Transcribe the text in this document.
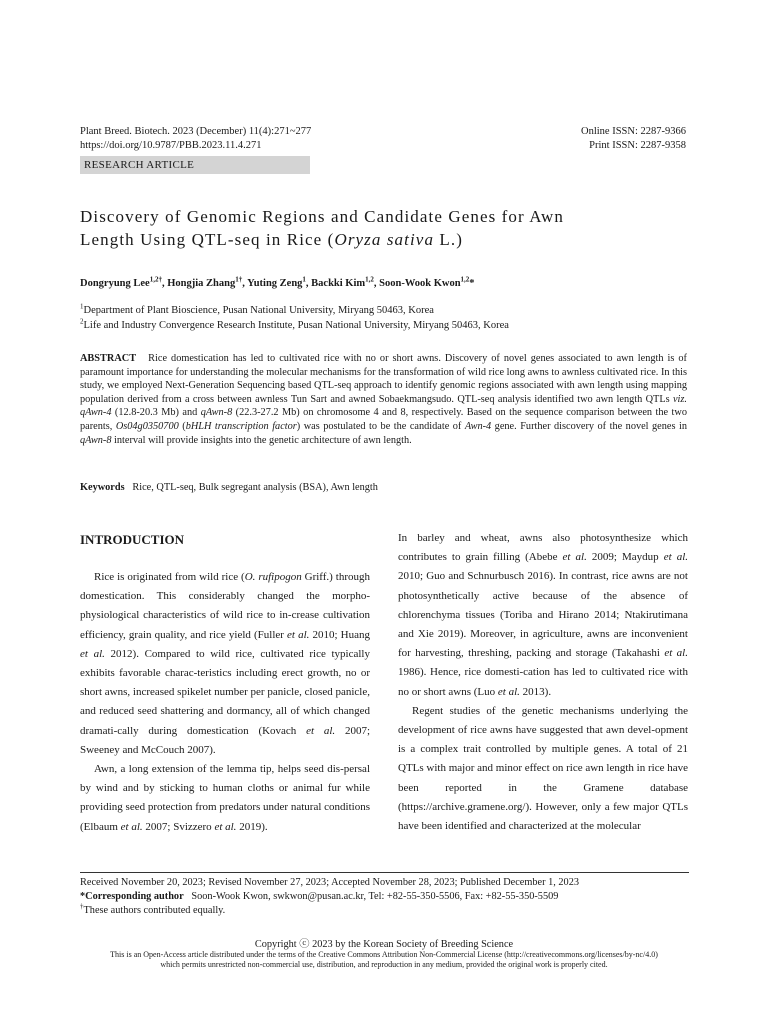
Plant Breed. Biotech. 2023 (December) 11(4):271~277
https://doi.org/10.9787/PBB.2023.11.4.271
Online ISSN: 2287-9366
Print ISSN: 2287-9358
RESEARCH ARTICLE
Discovery of Genomic Regions and Candidate Genes for Awn
Length Using QTL-seq in Rice (Oryza sativa L.)
Dongryung Lee$^{1,2\dagger}$, Hongjia Zhang$^{1\dagger}$, Yuting Zeng$^1$, Backki Kim$^{1,2}$, Soon-Wook Kwon$^{1,2}$*
$^1$Department of Plant Bioscience, Pusan National University, Miryang 50463, Korea
$^2$Life and Industry Convergence Research Institute, Pusan National University, Miryang 50463, Korea
ABSTRACT Rice domestication has led to cultivated rice with no or short awns. Discovery of novel genes associated to awn length is of paramount importance for understanding the molecular mechanisms for the transformation of wild rice long awns to awnless cultivated rice. In this study, we employed Next-Generation Sequencing based QTL-seq approach to identify genomic regions associated with awn length using mapping population derived from a cross between awnless Tun Sart and awned Sobaekmangsudo. QTL-seq analysis identified two awn length QTLs viz. qAwn-4 (12.8-20.3 Mb) and qAwn-8 (22.3-27.2 Mb) on chromosome 4 and 8, respectively. Based on the sequence comparison between the two parents, Os04g0350700 (bHLH transcription factor) was postulated to be the candidate of Awn-4 gene. Further discovery of the novel genes in qAwn-8 interval will provide insights into the genetic architecture of awn length.
Keywords Rice, QTL-seq, Bulk segregant analysis (BSA), Awn length
INTRODUCTION

Rice is originated from wild rice (O. rufipogon Griff.) through domestication. This considerably changed the morpho-physiological characteristics of wild rice to in-crease cultivation efficiency, grain quality, and rice yield (Fuller et al. 2010; Huang et al. 2012). Compared to wild rice, cultivated rice typically exhibits favorable charac-teristics including erect growth, no or short awns, increased spikelet number per panicle, closed panicle, and reduced seed shattering and dormancy, all of which changed dramati-cally during domestication (Kovach et al. 2007; Sweeney and McCouch 2007).

Awn, a long extension of the lemma tip, helps seed dis-persal by wind and by sticking to human cloths or animal fur while providing seed protection from predators under natural conditions (Elbaum et al. 2007; Svizzero et al. 2019).

In barley and wheat, awns also photosynthesize which contributes to grain filling (Abebe et al. 2009; Maydup et al. 2010; Guo and Schnurbusch 2016). In contrast, rice awns are not photosynthetically active because of the absence of chlorenchyma tissues (Toriba and Hirano 2014; Ntakirutimana and Xie 2019). Moreover, in agriculture, awns are inconvenient for harvesting, threshing, packing and storage (Takahashi et al. 1986). Hence, rice domesti-cation has led to cultivated rice with no or short awns (Luo et al. 2013).

Regent studies of the genetic mechanisms underlying the development of rice awns have suggested that awn devel-opment is a complex trait controlled by multiple genes. A total of 21 QTLs with major and minor effect on rice awn length in rice have been reported in the Gramene database (https://archive.gramene.org/). However, only a few major QTLs have been identified and characterized at the molecular

Received November 20, 2023; Revised November 27, 2023; Accepted November 28, 2023; Published December 1, 2023
*Corresponding author Soon-Wook Kwon, swkwon@pusan.ac.kr, Tel: +82-55-350-5506, Fax: +82-55-350-5509
†These authors contributed equally.
Copyright ⓒ 2023 by the Korean Society of Breeding Science
This is an Open-Access article distributed under the terms of the Creative Commons Attribution Non-Commercial License (http://creativecommons.org/licenses/by-nc/4.0)
which permits unrestricted non-commercial use, distribution, and reproduction in any medium, provided the original work is properly cited.
